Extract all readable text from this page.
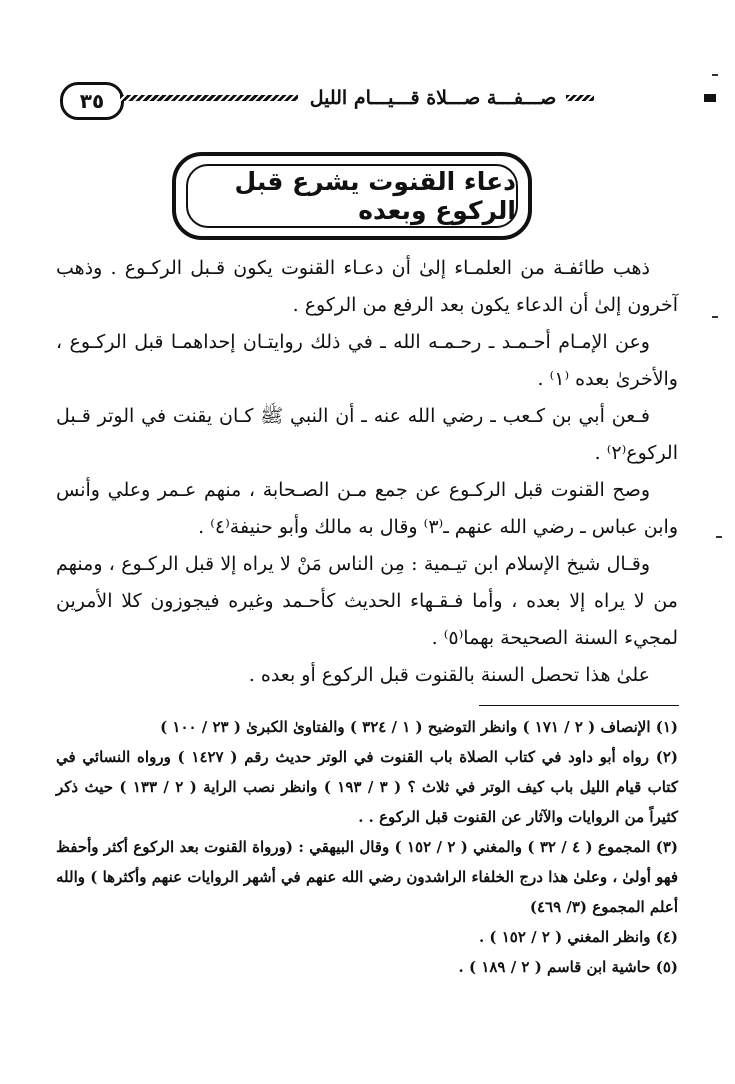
٣٥	صـــفـــة صـــلاة قـــيـــام الليل
دعاء القنوت يشرع قبل الركوع وبعده

ذهب طائفـة من العلمـاء إلىٰ أن دعـاء القنوت يكون قـبل الركـوع . وذهب آخرون إلىٰ أن الدعاء يكون بعد الرفع من الركوع .

وعن الإمـام أحـمـد ـ رحـمـه الله ـ في ذلك روايتـان إحداهمـا قبل الركـوع ، والأخرىٰ بعده ⁽١⁾ .

فـعن أبي بن كـعب ـ رضي الله عنه ـ أن النبي ﷺ كـان يقنت في الوتر قـبل الركوع⁽٢⁾ .

وصح القنوت قبل الركـوع عن جمع مـن الصـحابة ، منهم عـمر وعلي وأنس وابن عباس ـ رضي الله عنهم ـ⁽٣⁾ وقال به مالك وأبو حنيفة⁽٤⁾ .

وقـال شيخ الإسلام ابن تيـمية : مِن الناس مَنْ لا يراه إلا قبل الركـوع ، ومنهم من لا يراه إلا بعده ، وأما فـقـهاء الحديث كأحـمد وغيره فيجوزون كلا الأمرين لمجيء السنة الصحيحة بهما⁽٥⁾ .

علىٰ هذا تحصل السنة بالقنوت قبل الركوع أو بعده .

(١) الإنصاف ( ٢ / ١٧١ ) وانظر التوضيح ( ١ / ٣٢٤ ) والفتاوىٰ الكبرىٰ ( ٢٣ / ١٠٠ )

(٢) رواه أبو داود في كتاب الصلاة باب القنوت في الوتر حديث رقم ( ١٤٢٧ ) ورواه النسائي في كتاب قيام الليل باب كيف الوتر في ثلاث ؟ ( ٣ / ١٩٣ ) وانظر نصب الراية ( ٢ / ١٣٣ ) حيث ذكر كثيراً من الروايات والآثار عن القنوت قبل الركوع . .

(٣) المجموع ( ٤ / ٣٢ ) والمغني ( ٢ / ١٥٢ ) وقال البيهقي : (ورواة القنوت بعد الركوع أكثر وأحفظ فهو أولىٰ ، وعلىٰ هذا درج الخلفاء الراشدون رضي الله عنهم في أشهر الروايات عنهم وأكثرها ) والله أعلم المجموع (٣/ ٤٦٩)

(٤) وانظر المغني ( ٢ / ١٥٢ ) .

(٥) حاشية ابن قاسم ( ٢ / ١٨٩ ) .
